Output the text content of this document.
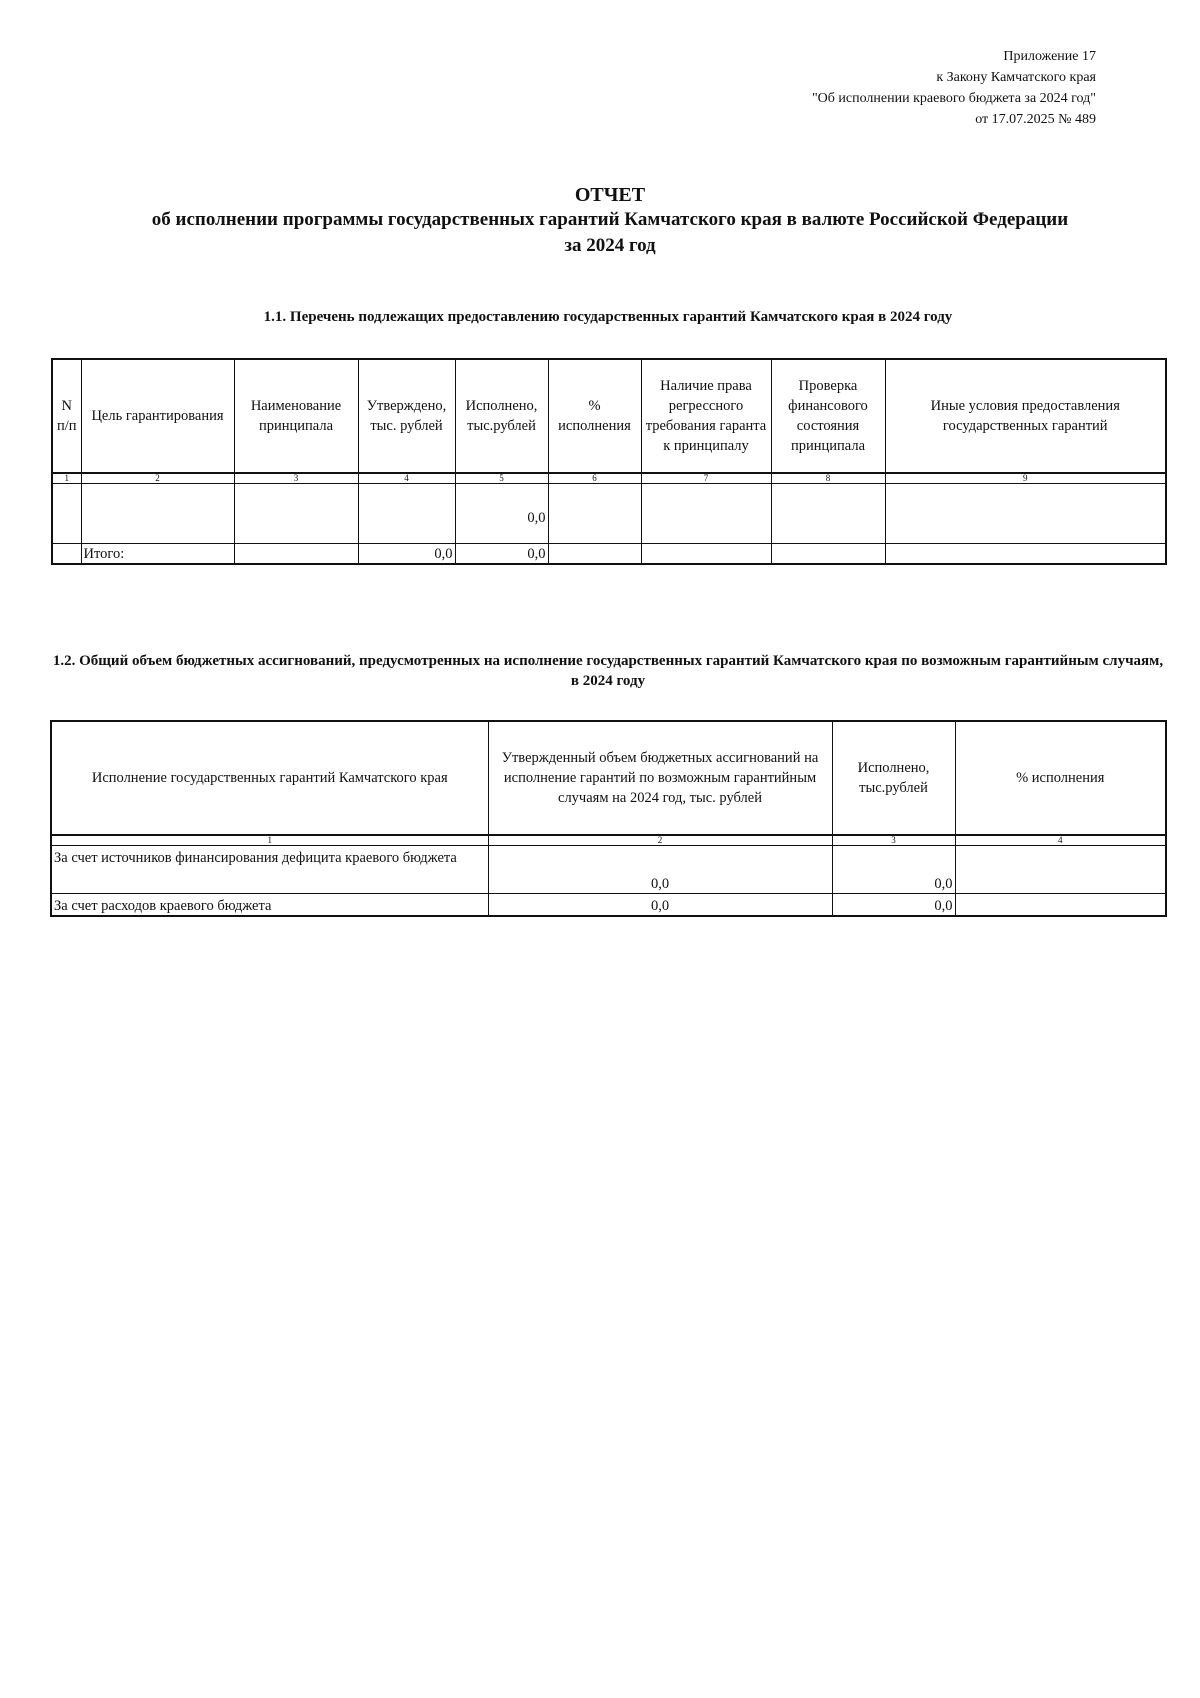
Приложение 17
к Закону Камчатского края
"Об исполнении краевого бюджета за 2024 год"
от 17.07.2025 № 489
ОТЧЕТ
об исполнении программы государственных гарантий Камчатского края в валюте Российской Федерации
за 2024 год
1.1. Перечень подлежащих предоставлению государственных гарантий Камчатского края в 2024 году
N п/п	Цель гарантирования	Наименование принципала	Утверждено, тыс. рублей	Исполнено, тыс.рублей	% исполнения	Наличие права регрессного требования гаранта к принципалу	Проверка финансового состояния принципала	Иные условия предоставления государственных гарантий
1	2	3	4	5	6	7	8	9
				0,0				
	Итого:		0,0	0,0				
1.2. Общий объем бюджетных ассигнований, предусмотренных на исполнение государственных гарантий Камчатского края по возможным гарантийным случаям, в 2024 году
Исполнение государственных гарантий Камчатского края	Утвержденный объем бюджетных ассигнований на исполнение гарантий по возможным гарантийным случаям на 2024 год, тыс. рублей	Исполнено, тыс.рублей	% исполнения
1	2	3	4
За счет источников финансирования дефицита краевого бюджета	0,0	0,0	
За счет расходов краевого бюджета	0,0	0,0	
